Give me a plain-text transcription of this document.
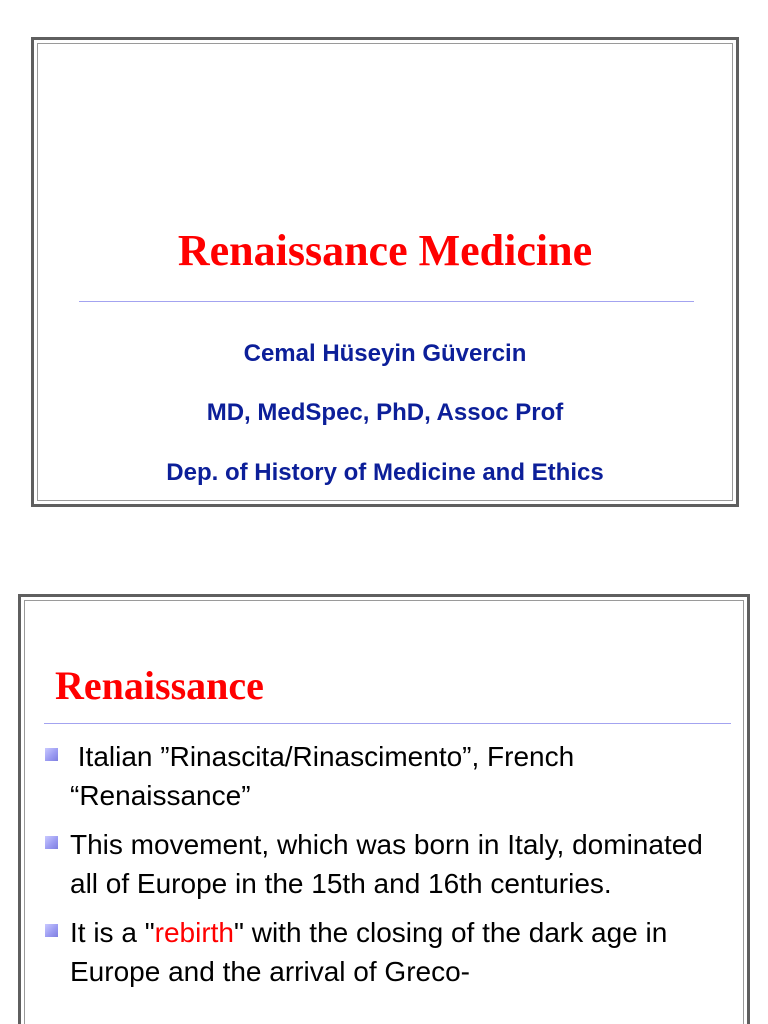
Renaissance Medicine
Cemal Hüseyin Güvercin
MD, MedSpec, PhD, Assoc Prof
Dep. of History of Medicine and Ethics
Renaissance
Italian ”Rinascita/Rinascimento”, French “Renaissance”
This movement, which was born in Italy, dominated all of Europe in the 15th and 16th centuries.
It is a "rebirth" with the closing of the dark age in Europe and the arrival of Greco-
